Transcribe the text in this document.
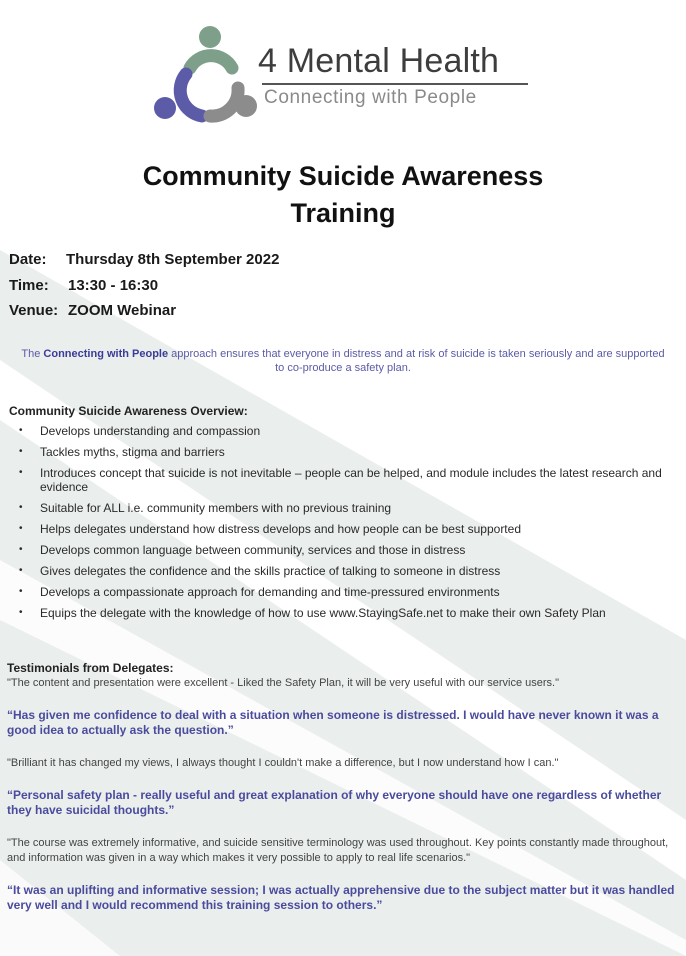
4 Mental Health
Connecting with People
Community Suicide Awareness
Training
Date: Thursday 8th September 2022
Time: 13:30 - 16:30
Venue: ZOOM Webinar

The Connecting with People approach ensures that everyone in distress and at risk of suicide is taken seriously and are supported to co-produce a safety plan.

Community Suicide Awareness Overview:
• Develops understanding and compassion
• Tackles myths, stigma and barriers
• Introduces concept that suicide is not inevitable – people can be helped, and module includes the latest research and evidence
• Suitable for ALL i.e. community members with no previous training
• Helps delegates understand how distress develops and how people can be best supported
• Develops common language between community, services and those in distress
• Gives delegates the confidence and the skills practice of talking to someone in distress
• Develops a compassionate approach for demanding and time-pressured environments
• Equips the delegate with the knowledge of how to use www.StayingSafe.net to make their own Safety Plan
Testimonials from Delegates:
"The content and presentation were excellent - Liked the Safety Plan, it will be very useful with our service users."
“Has given me confidence to deal with a situation when someone is distressed. I would have never known it was a good idea to actually ask the question.”
"Brilliant it has changed my views, I always thought I couldn't make a difference, but I now understand how I can."
“Personal safety plan - really useful and great explanation of why everyone should have one regardless of whether they have suicidal thoughts.”
"The course was extremely informative, and suicide sensitive terminology was used throughout. Key points constantly made throughout, and information was given in a way which makes it very possible to apply to real life scenarios."
“It was an uplifting and informative session; I was actually apprehensive due to the subject matter but it was handled very well and I would recommend this training session to others.”
